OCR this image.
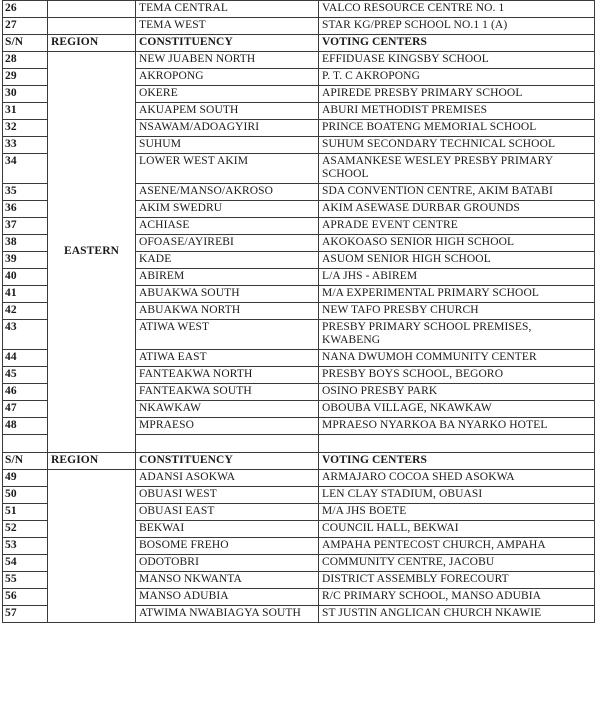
26		TEMA CENTRAL	VALCO RESOURCE CENTRE NO. 1
27		TEMA WEST	STAR KG/PREP SCHOOL NO.1 1 (A)
S/N	REGION	CONSTITUENCY	VOTING CENTERS
28	EASTERN	NEW JUABEN NORTH	EFFIDUASE KINGSBY SCHOOL
29		AKROPONG	P. T. C AKROPONG
30		OKERE	APIREDE PRESBY PRIMARY SCHOOL
31		AKUAPEM SOUTH	ABURI METHODIST PREMISES
32		NSAWAM/ADOAGYIRI	PRINCE BOATENG MEMORIAL SCHOOL
33		SUHUM	SUHUM SECONDARY TECHNICAL SCHOOL
34		LOWER WEST AKIM	ASAMANKESE WESLEY PRESBY PRIMARY SCHOOL
35		ASENE/MANSO/AKROSO	SDA CONVENTION CENTRE, AKIM BATABI
36		AKIM SWEDRU	AKIM ASEWASE DURBAR GROUNDS
37		ACHIASE	APRADE EVENT CENTRE
38		OFOASE/AYIREBI	AKOKOASO SENIOR HIGH SCHOOL
39		KADE	ASUOM SENIOR HIGH SCHOOL
40		ABIREM	L/A JHS - ABIREM
41		ABUAKWA SOUTH	M/A EXPERIMENTAL PRIMARY SCHOOL
42		ABUAKWA NORTH	NEW TAFO PRESBY CHURCH
43		ATIWA WEST	PRESBY PRIMARY SCHOOL PREMISES, KWABENG
44		ATIWA EAST	NANA DWUMOH COMMUNITY CENTER
45		FANTEAKWA NORTH	PRESBY BOYS SCHOOL, BEGORO
46		FANTEAKWA SOUTH	OSINO PRESBY PARK
47		NKAWKAW	OBOUBA VILLAGE, NKAWKAW
48		MPRAESO	MPRAESO NYARKOA BA NYARKO HOTEL

S/N	REGION	CONSTITUENCY	VOTING CENTERS
49		ADANSI ASOKWA	ARMAJARO COCOA SHED ASOKWA
50		OBUASI WEST	LEN CLAY STADIUM, OBUASI
51		OBUASI EAST	M/A JHS BOETE
52		BEKWAI	COUNCIL HALL, BEKWAI
53		BOSOME FREHO	AMPAHA PENTECOST CHURCH, AMPAHA
54		ODOTOBRI	COMMUNITY CENTRE, JACOBU
55		MANSO NKWANTA	DISTRICT ASSEMBLY FORECOURT
56		MANSO ADUBIA	R/C PRIMARY SCHOOL, MANSO ADUBIA
57		ATWIMA NWABIAGYA SOUTH	ST JUSTIN ANGLICAN CHURCH NKAWIE
